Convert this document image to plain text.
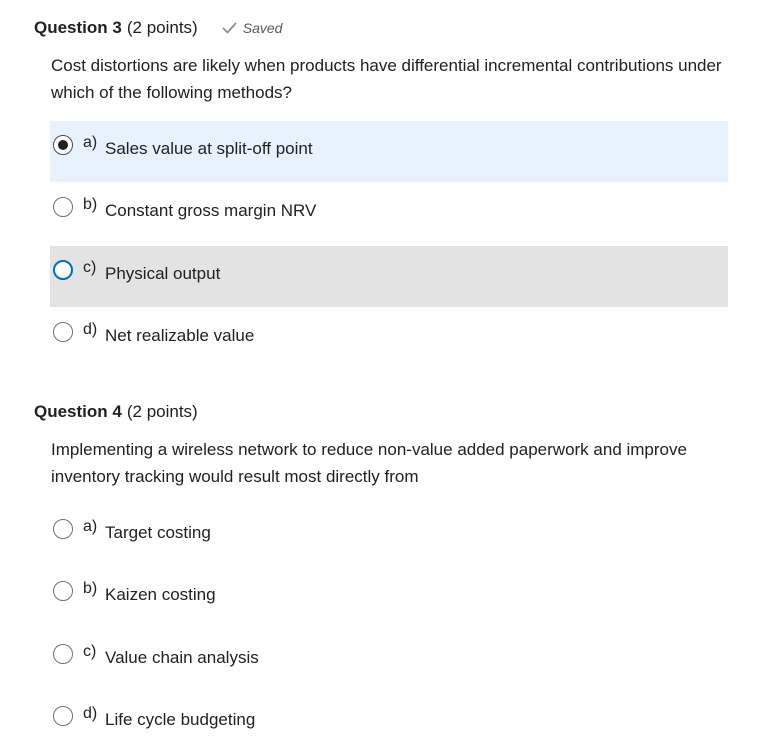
Question 3 (2 points)	Saved
Cost distortions are likely when products have differential incremental contributions under which of the following methods?
a) Sales value at split-off point
b) Constant gross margin NRV
c) Physical output
d) Net realizable value
Question 4 (2 points)
Implementing a wireless network to reduce non-value added paperwork and improve inventory tracking would result most directly from
a) Target costing
b) Kaizen costing
c) Value chain analysis
d) Life cycle budgeting
